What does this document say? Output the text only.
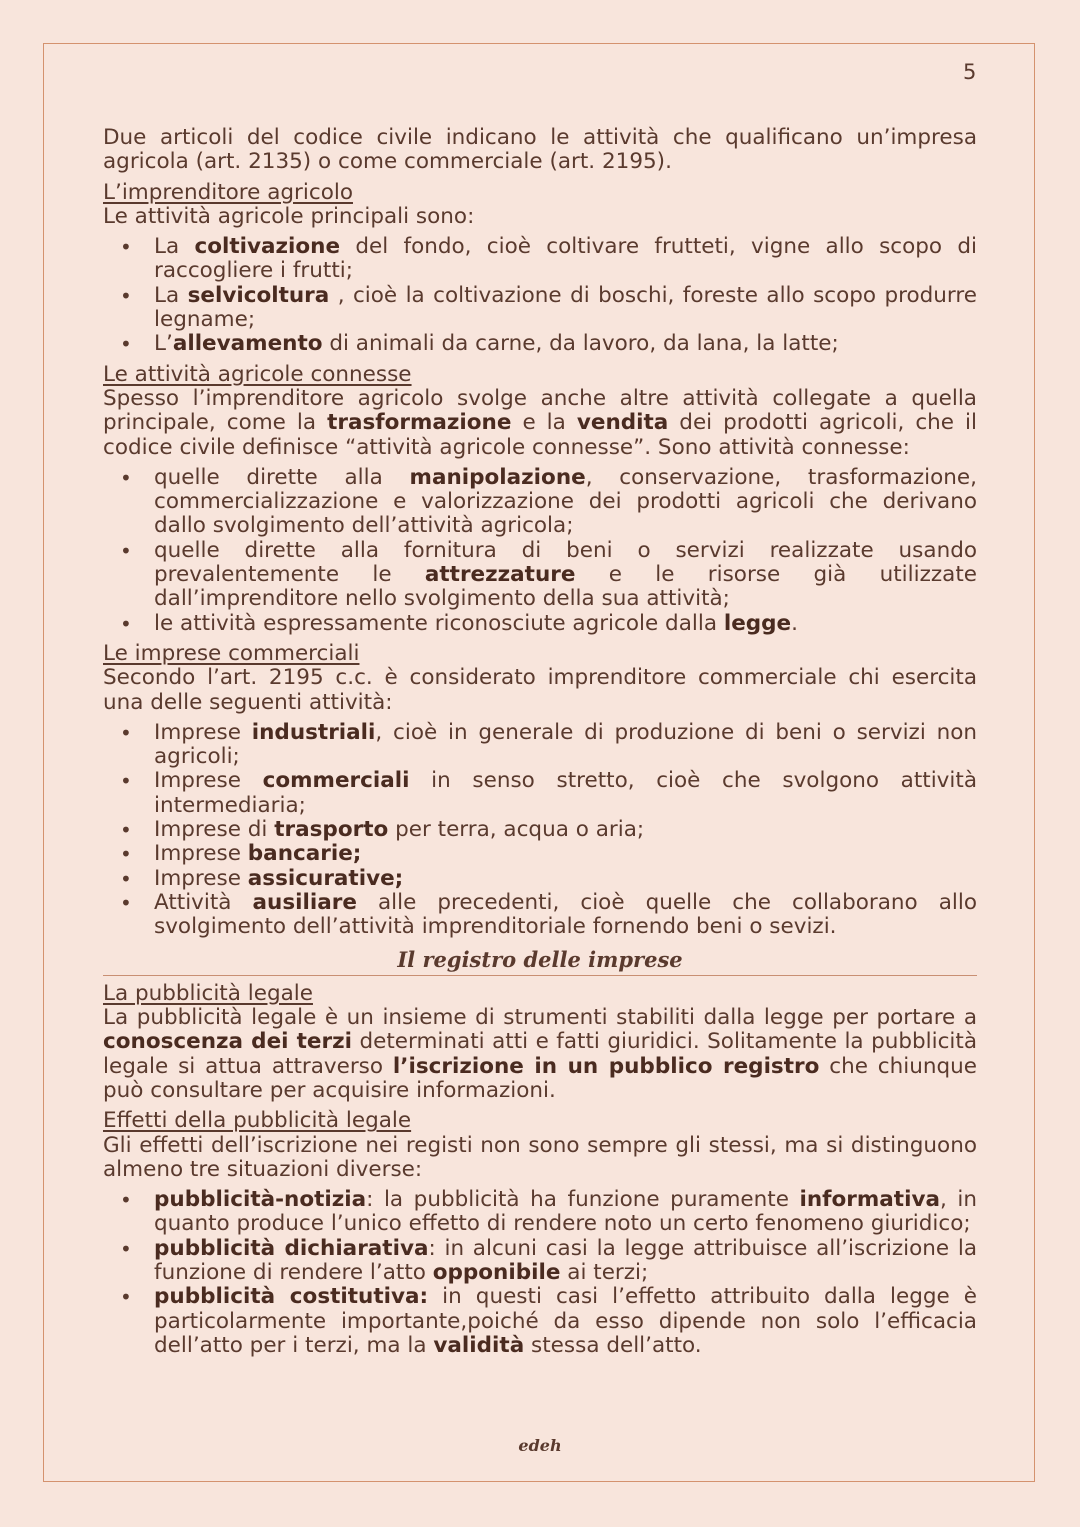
5

Due articoli del codice civile indicano le attività che qualificano un’impresa agricola (art. 2135) o come commerciale (art. 2195).

L’imprenditore agricolo

Le attività agricole principali sono:

• La coltivazione del fondo, cioè coltivare frutteti, vigne allo scopo di raccogliere i frutti;
• La selvicoltura , cioè la coltivazione di boschi, foreste allo scopo produrre legname;
• L’allevamento di animali da carne, da lavoro, da lana, la latte;

Le attività agricole connesse

Spesso l’imprenditore agricolo svolge anche altre attività collegate a quella principale, come la trasformazione e la vendita dei prodotti agricoli, che il codice civile definisce “attività agricole connesse”. Sono attività connesse:

• quelle dirette alla manipolazione, conservazione, trasformazione, commercializzazione e valorizzazione dei prodotti agricoli che derivano dallo svolgimento dell’attività agricola;
• quelle dirette alla fornitura di beni o servizi realizzate usando prevalentemente le attrezzature e le risorse già utilizzate dall’imprenditore nello svolgimento della sua attività;
• le attività espressamente riconosciute agricole dalla legge.

Le imprese commerciali

Secondo l’art. 2195 c.c. è considerato imprenditore commerciale chi esercita una delle seguenti attività:

• Imprese industriali, cioè in generale di produzione di beni o servizi non agricoli;
• Imprese commerciali in senso stretto, cioè che svolgono attività intermediaria;
• Imprese di trasporto per terra, acqua o aria;
• Imprese bancarie;
• Imprese assicurative;
• Attività ausiliare alle precedenti, cioè quelle che collaborano allo svolgimento dell’attività imprenditoriale fornendo beni o sevizi.
Il registro delle imprese

La pubblicità legale

La pubblicità legale è un insieme di strumenti stabiliti dalla legge per portare a conoscenza dei terzi determinati atti e fatti giuridici. Solitamente la pubblicità legale si attua attraverso l’iscrizione in un pubblico registro che chiunque può consultare per acquisire informazioni.

Effetti della pubblicità legale

Gli effetti dell’iscrizione nei registi non sono sempre gli stessi, ma si distinguono almeno tre situazioni diverse:

• pubblicità-notizia: la pubblicità ha funzione puramente informativa, in quanto produce l’unico effetto di rendere noto un certo fenomeno giuridico;
• pubblicità dichiarativa: in alcuni casi la legge attribuisce all’iscrizione la funzione di rendere l’atto opponibile ai terzi;
• pubblicità costitutiva: in questi casi l’effetto attribuito dalla legge è particolarmente importante,poiché da esso dipende non solo l’efficacia dell’atto per i terzi, ma la validità stessa dell’atto.
edeh
